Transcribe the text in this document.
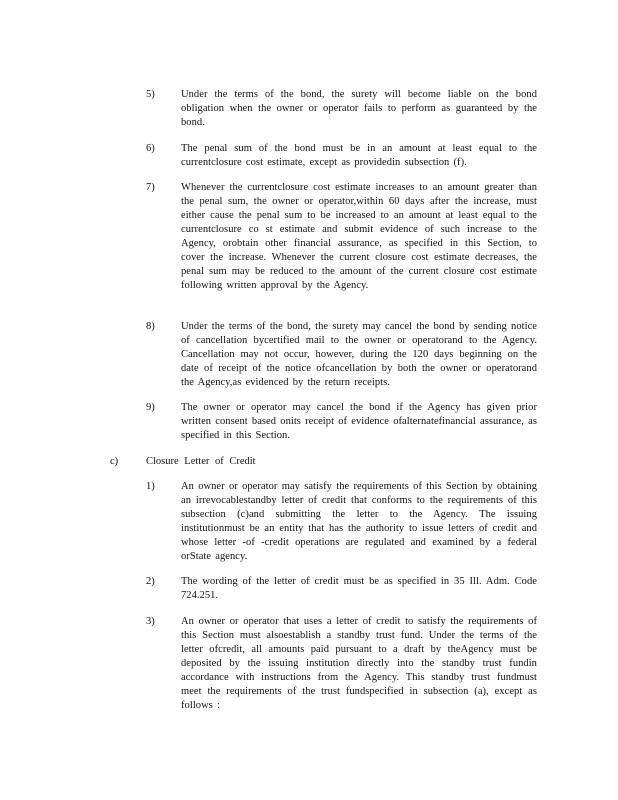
5)	Under the terms of the bond, the surety will become liable on the bond obligation when the owner or operator fails to perform as guaranteed by the bond.
6)	The penal sum of the bond must be in an amount at least equal to the currentclosure cost estimate, except as providedin subsection (f).
7)	Whenever the currentclosure cost estimate increases to an amount greater than the penal sum, the owner or operator,within 60 days after the increase, must either cause the penal sum to be increased to an amount at least equal to the currentclosure co st estimate and submit evidence of such increase to the Agency, orobtain other financial assurance, as specified in this Section, to cover the increase. Whenever the current closure cost estimate decreases, the penal sum may be reduced to the amount of the current closure cost estimate following written approval by the Agency.
8)	Under the terms of the bond, the surety may cancel the bond by sending notice of cancellation bycertified mail to the owner or operatorand to the Agency. Cancellation may not occur, however, during the 120 days beginning on the date of receipt of the notice ofcancellation by both the owner or operatorand the Agency,as evidenced by the return receipts.
9)	The owner or operator may cancel the bond if the Agency has given prior written consent based onits receipt of evidence ofalternatefinancial assurance, as specified in this Section.
c)	Closure Letter of Credit
1)	An owner or operator may satisfy the requirements of this Section by obtaining an irrevocablestandby letter of credit that conforms to the requirements of this subsection (c)and submitting the letter to the Agency. The issuing institutionmust be an entity that has the authority to issue letters of credit and whose letter -of -credit operations are regulated and examined by a federal orState agency.
2)	The wording of the letter of credit must be as specified in 35 Ill. Adm. Code 724.251.
3)	An owner or operator that uses a letter of credit to satisfy the requirements of this Section must alsoestablish a standby trust fund. Under the terms of the letter ofcredit, all amounts paid pursuant to a draft by theAgency must be deposited by the issuing institution directly into the standby trust fundin accordance with instructions from the Agency. This standby trust fundmust meet the requirements of the trust fundspecified in subsection (a), except as follows :
